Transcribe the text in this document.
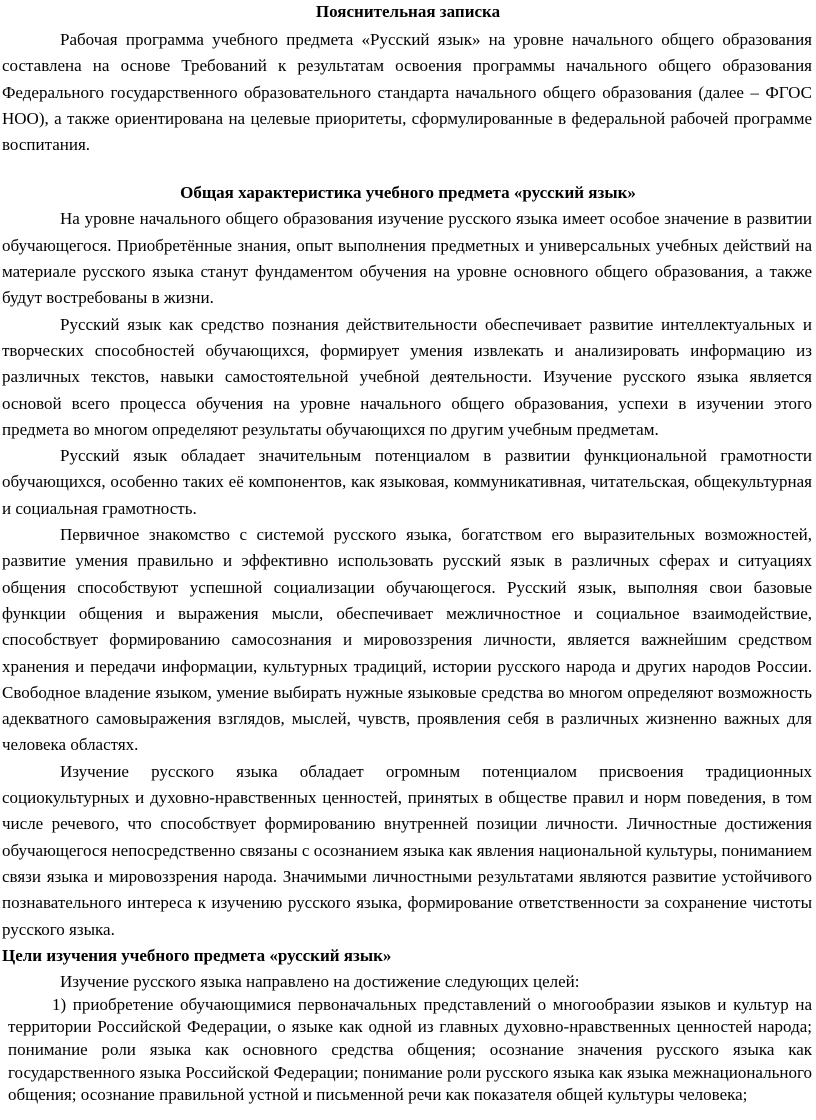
Пояснительная записка

Рабочая программа учебного предмета «Русский язык» на уровне начального общего образования составлена на основе Требований к результатам освоения программы начального общего образования Федерального государственного образовательного стандарта начального общего образования (далее – ФГОС НОО), а также ориентирована на целевые приоритеты, сформулированные в федеральной рабочей программе воспитания.

Общая характеристика учебного предмета «русский язык»

На уровне начального общего образования изучение русского языка имеет особое значение в развитии обучающегося. Приобретённые знания, опыт выполнения предметных и универсальных учебных действий на материале русского языка станут фундаментом обучения на уровне основного общего образования, а также будут востребованы в жизни.

Русский язык как средство познания действительности обеспечивает развитие интеллектуальных и творческих способностей обучающихся, формирует умения извлекать и анализировать информацию из различных текстов, навыки самостоятельной учебной деятельности. Изучение русского языка является основой всего процесса обучения на уровне начального общего образования, успехи в изучении этого предмета во многом определяют результаты обучающихся по другим учебным предметам.

Русский язык обладает значительным потенциалом в развитии функциональной грамотности обучающихся, особенно таких её компонентов, как языковая, коммуникативная, читательская, общекультурная и социальная грамотность.

Первичное знакомство с системой русского языка, богатством его выразительных возможностей, развитие умения правильно и эффективно использовать русский язык в различных сферах и ситуациях общения способствуют успешной социализации обучающегося. Русский язык, выполняя свои базовые функции общения и выражения мысли, обеспечивает межличностное и социальное взаимодействие, способствует формированию самосознания и мировоззрения личности, является важнейшим средством хранения и передачи информации, культурных традиций, истории русского народа и других народов России. Свободное владение языком, умение выбирать нужные языковые средства во многом определяют возможность адекватного самовыражения взглядов, мыслей, чувств, проявления себя в различных жизненно важных для человека областях.

Изучение русского языка обладает огромным потенциалом присвоения традиционных социокультурных и духовно-нравственных ценностей, принятых в обществе правил и норм поведения, в том числе речевого, что способствует формированию внутренней позиции личности. Личностные достижения обучающегося непосредственно связаны с осознанием языка как явления национальной культуры, пониманием связи языка и мировоззрения народа. Значимыми личностными результатами являются развитие устойчивого познавательного интереса к изучению русского языка, формирование ответственности за сохранение чистоты русского языка.

Цели изучения учебного предмета «русский язык»

Изучение русского языка направлено на достижение следующих целей:

1) приобретение обучающимися первоначальных представлений о многообразии языков и культур на территории Российской Федерации, о языке как одной из главных духовно-нравственных ценностей народа; понимание роли языка как основного средства общения; осознание значения русского языка как государственного языка Российской Федерации; понимание роли русского языка как языка межнационального общения; осознание правильной устной и письменной речи как показателя общей культуры человека;
